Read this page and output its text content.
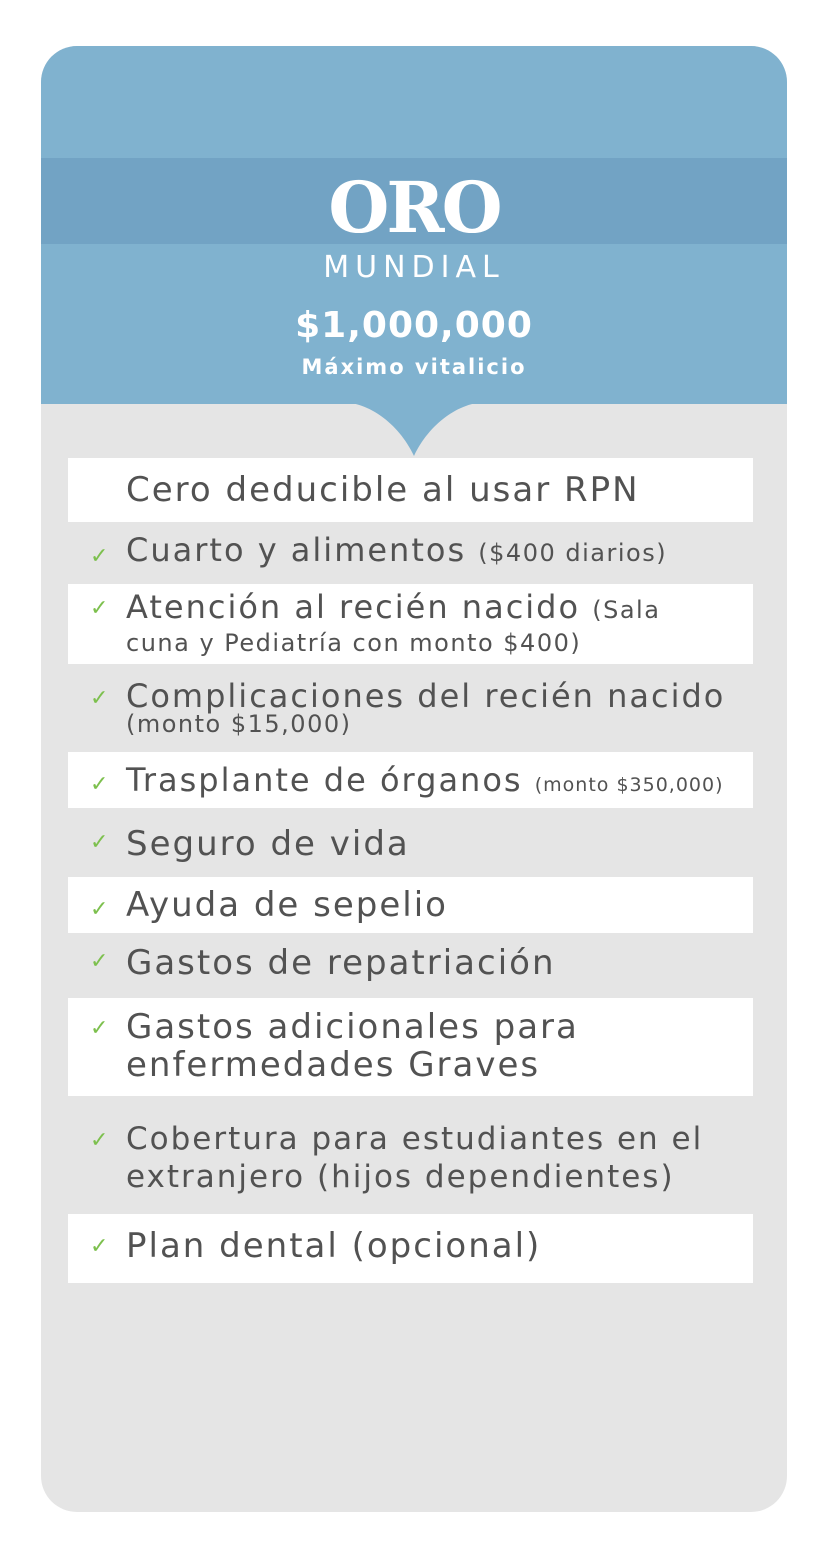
ORO
MUNDIAL
$1,000,000
Máximo vitalicio
Cero deducible al usar RPN
✓ Cuarto y alimentos ($400 diarios)
✓ Atención al recién nacido (Sala
cuna y Pediatría con monto $400)
✓ Complicaciones del recién nacido
(monto $15,000)
✓ Trasplante de órganos (monto $350,000)
✓ Seguro de vida
✓ Ayuda de sepelio
✓ Gastos de repatriación
✓ Gastos adicionales para
enfermedades Graves
✓ Cobertura para estudiantes en el
extranjero (hijos dependientes)
✓ Plan dental (opcional)
